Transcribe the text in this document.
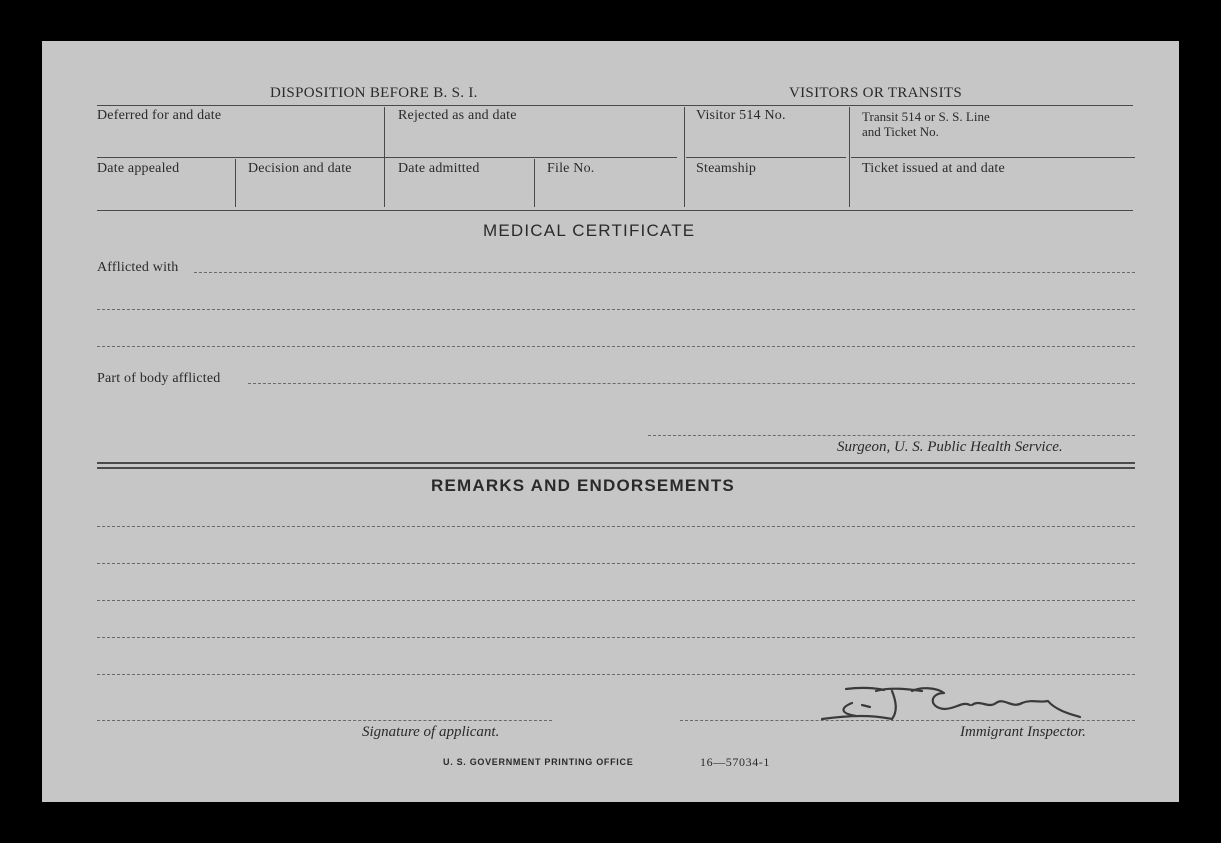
DISPOSITION BEFORE B. S. I.	VISITORS OR TRANSITS
Deferred for and date	Rejected as and date	Visitor 514 No.	Transit 514 or S. S. Line
and Ticket No.
Date appealed	Decision and date	Date admitted	File No.	Steamship	Ticket issued at and date
MEDICAL CERTIFICATE
Afflicted with
Part of body afflicted
Surgeon, U. S. Public Health Service.
REMARKS AND ENDORSEMENTS
Signature of applicant.	Immigrant Inspector.
U. S. GOVERNMENT PRINTING OFFICE	16—57034-1
